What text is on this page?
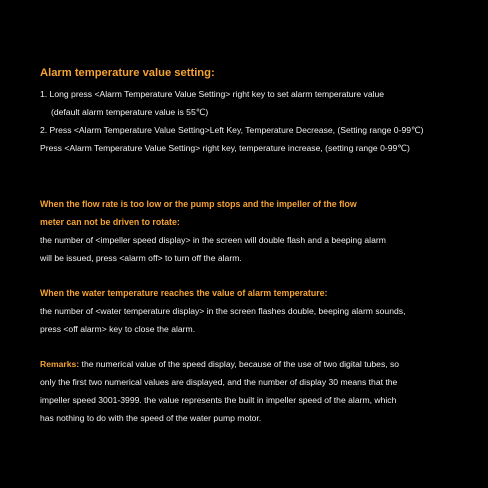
Alarm temperature value setting:
1. Long press <Alarm Temperature Value Setting> right key to set alarm temperature value
(default alarm temperature value is 55℃)
2. Press <Alarm Temperature Value Setting>Left Key, Temperature Decrease, (Setting range 0-99℃)
Press <Alarm Temperature Value Setting> right key, temperature increase, (setting range 0-99℃)
When the flow rate is too low or the pump stops and the impeller of the flow
meter can not be driven to rotate:
the number of <impeller speed display> in the screen will double flash and a beeping alarm
will be issued, press <alarm off> to turn off the alarm.
When the water temperature reaches the value of alarm temperature:
the number of <water temperature display> in the screen flashes double, beeping alarm sounds,
press <off alarm> key to close the alarm.
Remarks: the numerical value of the speed display, because of the use of two digital tubes, so
only the first two numerical values are displayed, and the number of display 30 means that the
impeller speed 3001-3999. the value represents the built in impeller speed of the alarm, which
has nothing to do with the speed of the water pump motor.
